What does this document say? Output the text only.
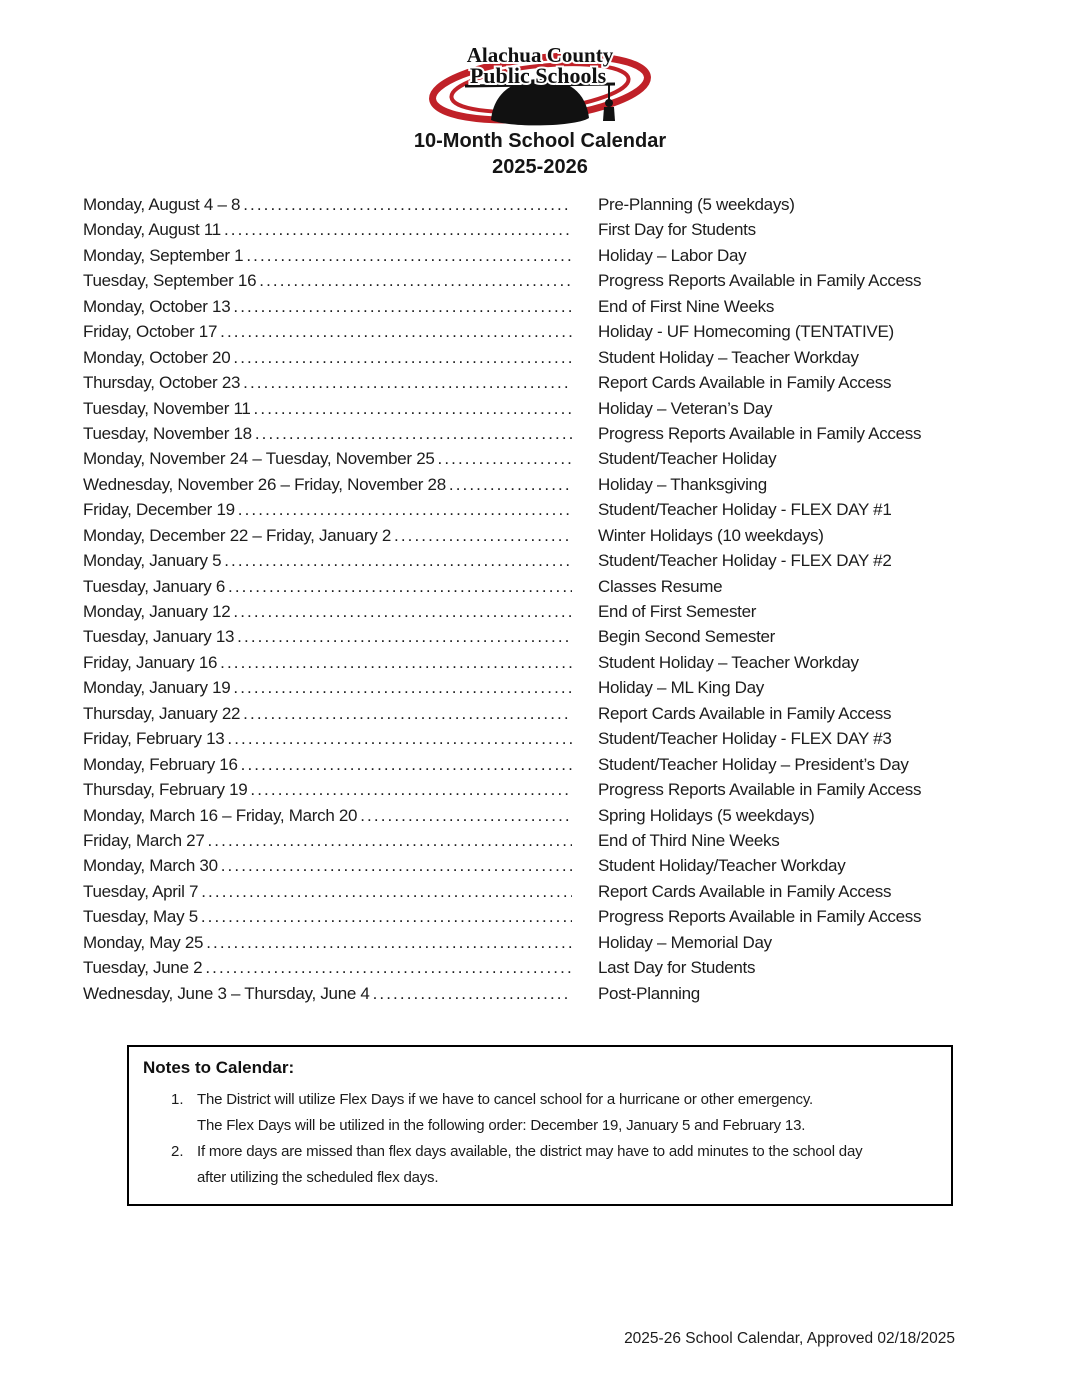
Alachua County
Public Schools

10-Month School Calendar

2025-2026

Monday, August 4 – 8 .....	Pre-Planning (5 weekdays)
Monday, August 11 .....	First Day for Students
Monday, September 1 .....	Holiday – Labor Day
Tuesday, September 16 .....	Progress Reports Available in Family Access
Monday, October 13 .....	End of First Nine Weeks
Friday, October 17 .....	Holiday - UF Homecoming (TENTATIVE)
Monday, October 20 .....	Student Holiday – Teacher Workday
Thursday, October 23 .....	Report Cards Available in Family Access
Tuesday, November 11 .....	Holiday – Veteran’s Day
Tuesday, November 18 .....	Progress Reports Available in Family Access
Monday, November 24 – Tuesday, November 25 .....	Student/Teacher Holiday
Wednesday, November 26 – Friday, November 28 .....	Holiday – Thanksgiving
Friday, December 19 .....	Student/Teacher Holiday - FLEX DAY #1
Monday, December 22 – Friday, January 2 .....	Winter Holidays (10 weekdays)
Monday, January 5 .....	Student/Teacher Holiday - FLEX DAY #2
Tuesday, January 6 .....	Classes Resume
Monday, January 12 .....	End of First Semester
Tuesday, January 13 .....	Begin Second Semester
Friday, January 16 .....	Student Holiday – Teacher Workday
Monday, January 19 .....	Holiday – ML King Day
Thursday, January 22 .....	Report Cards Available in Family Access
Friday, February 13 .....	Student/Teacher Holiday - FLEX DAY #3
Monday, February 16 .....	Student/Teacher Holiday – President’s Day
Thursday, February 19 .....	Progress Reports Available in Family Access
Monday, March 16 – Friday, March 20 .....	Spring Holidays (5 weekdays)
Friday, March 27 .....	End of Third Nine Weeks
Monday, March 30 .....	Student Holiday/Teacher Workday
Tuesday, April 7 .....	Report Cards Available in Family Access
Tuesday, May 5 .....	Progress Reports Available in Family Access
Monday, May 25 .....	Holiday – Memorial Day
Tuesday, June 2 .....	Last Day for Students
Wednesday, June 3 – Thursday, June 4 .....	Post-Planning
Notes to Calendar:
1. The District will utilize Flex Days if we have to cancel school for a hurricane or other emergency.
The Flex Days will be utilized in the following order: December 19, January 5 and February 13.
2. If more days are missed than flex days available, the district may have to add minutes to the school day
after utilizing the scheduled flex days.
2025-26 School Calendar, Approved 02/18/2025
